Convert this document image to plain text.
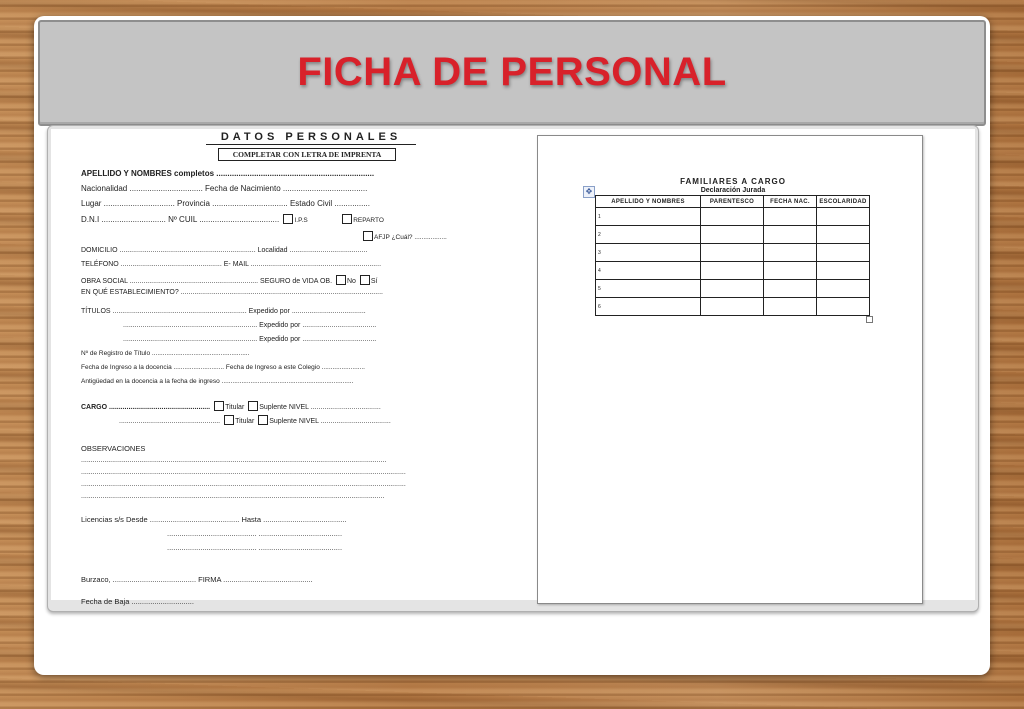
FICHA DE PERSONAL
DATOS PERSONALES
COMPLETAR CON LETRA DE IMPRENTA
APELLIDO Y NOMBRES completos .......................................................................
Nacionalidad ................................. Fecha de Nacimiento ......................................
Lugar ................................ Provincia .................................. Estado Civil ................
D.N.I ............................. Nº CUIL .................................... I.P.S	REPARTO
AFJP ¿Cuál? ..................
DOMICILIO ...................................................................... Localidad ........................................
TELÉFONO .................................................... E- MAIL ...................................................................
OBRA SOCIAL .................................................................. SEGURO de VIDA OB. No Sí
EN QUÉ ESTABLECIMIENTO? ........................................................................................................
TÍTULOS ..................................................................... Expedido por ......................................
..................................................................... Expedido por ......................................
..................................................................... Expedido por ......................................
Nº de Registro de Título ......................................................
Fecha de Ingreso a la docencia ............................ Fecha de Ingreso a este Colegio ........................
Antigüedad en la docencia a la fecha de ingreso .........................................................................
CARGO .................................................... Titular Suplente NIVEL ....................................
.................................................... Titular Suplente NIVEL ....................................
OBSERVACIONES
.............................................................................................................................................................
.......................................................................................................................................................................
.......................................................................................................................................................................
............................................................................................................................................................
Licencias s/s Desde ........................................... Hasta ........................................
........................................... ........................................
........................................... ........................................
Burzaco, ........................................ FIRMA ...........................................
Fecha de Baja ..............................
FAMILIARES A CARGO
Declaración Jurada
✥
APELLIDO Y NOMBRES	PARENTESCO	FECHA NAC.	ESCOLARIDAD
1			
2			
3			
4			
5			
6			
